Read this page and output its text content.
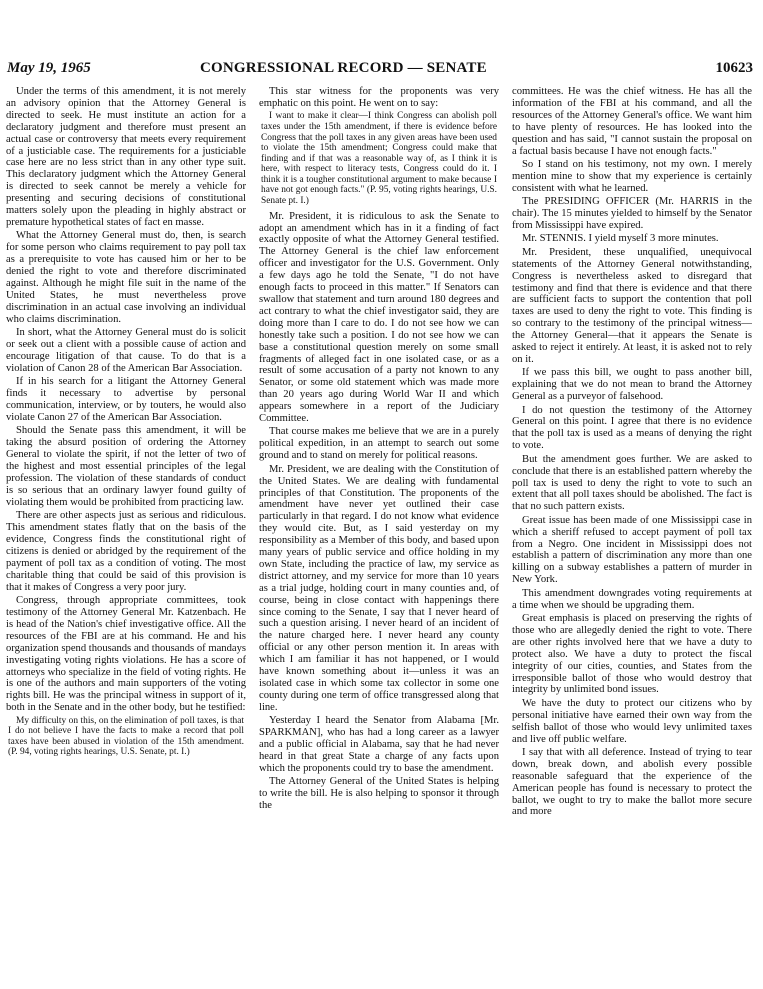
May 19, 1965	CONGRESSIONAL RECORD — SENATE	10623

Under the terms of this amendment, it is not merely an advisory opinion that the Attorney General is directed to seek. He must institute an action for a declaratory judgment and therefore must present an actual case or controversy that meets every requirement of a justiciable case. The requirements for a justiciable case here are no less strict than in any other type suit. This declaratory judgment which the Attorney General is directed to seek cannot be merely a vehicle for presenting and securing decisions of constitutional matters solely upon the pleading in highly abstract or premature hypothetical states of fact en masse.

What the Attorney General must do, then, is search for some person who claims requirement to pay poll tax as a prerequisite to vote has caused him or her to be denied the right to vote and therefore discriminated against. Although he might file suit in the name of the United States, he must nevertheless prove discrimination in an actual case involving an individual who claims discrimination.

In short, what the Attorney General must do is solicit or seek out a client with a possible cause of action and encourage litigation of that cause. To do that is a violation of Canon 28 of the American Bar Association.

If in his search for a litigant the Attorney General finds it necessary to advertise by personal communication, interview, or by touters, he would also violate Canon 27 of the American Bar Association.

Should the Senate pass this amendment, it will be taking the absurd position of ordering the Attorney General to violate the spirit, if not the letter of two of the highest and most essential principles of the legal profession. The violation of these standards of conduct is so serious that an ordinary lawyer found guilty of violating them would be prohibited from practicing law.

There are other aspects just as serious and ridiculous. This amendment states flatly that on the basis of the evidence, Congress finds the constitutional right of citizens is denied or abridged by the requirement of the payment of poll tax as a condition of voting. The most charitable thing that could be said of this provision is that it makes of Congress a very poor jury.

Congress, through appropriate committees, took testimony of the Attorney General Mr. Katzenbach. He is head of the Nation's chief investigative office. All the resources of the FBI are at his command. He and his organization spend thousands and thousands of mandays investigating voting rights violations. He has a score of attorneys who specialize in the field of voting rights. He is one of the authors and main supporters of the voting rights bill. He was the principal witness in support of it, both in the Senate and in the other body, but he testified:

My difficulty on this, on the elimination of poll taxes, is that I do not believe I have the facts to make a record that poll taxes have been abused in violation of the 15th amendment. (P. 94, voting rights hearings, U.S. Senate, pt. I.)

This star witness for the proponents was very emphatic on this point. He went on to say:

I want to make it clear—I think Congress can abolish poll taxes under the 15th amendment, if there is evidence before Congress that the poll taxes in any given areas have been used to violate the 15th amendment; Congress could make that finding and if that was a reasonable way of, as I think it is here, with respect to literacy tests, Congress could do it. I think it is a tougher constitutional argument to make because I have not got enough facts." (P. 95, voting rights hearings, U.S. Senate pt. I.)

Mr. President, it is ridiculous to ask the Senate to adopt an amendment which has in it a finding of fact exactly opposite of what the Attorney General testified. The Attorney General is the chief law enforcement officer and investigator for the U.S. Government. Only a few days ago he told the Senate, "I do not have enough facts to proceed in this matter." If Senators can swallow that statement and turn around 180 degrees and act contrary to what the chief investigator said, they are doing more than I care to do. I do not see how we can honestly take such a position. I do not see how we can base a constitutional question merely on some small fragments of alleged fact in one isolated case, or as a result of some accusation of a party not known to any Senator, or some old statement which was made more than 20 years ago during World War II and which appears somewhere in a report of the Judiciary Committee.

That course makes me believe that we are in a purely political expedition, in an attempt to search out some ground and to stand on merely for political reasons.

Mr. President, we are dealing with the Constitution of the United States. We are dealing with fundamental principles of that Constitution. The proponents of the amendment have never yet outlined their case particularly in that regard. I do not know what evidence they would cite. But, as I said yesterday on my responsibility as a Member of this body, and based upon many years of public service and office holding in my own State, including the practice of law, my service as district attorney, and my service for more than 10 years as a trial judge, holding court in many counties and, of course, being in close contact with happenings there since coming to the Senate, I say that I never heard of such a question arising. I never heard of an incident of the nature charged here. I never heard any county official or any other person mention it. In areas with which I am familiar it has not happened, or I would have known something about it—unless it was an isolated case in which some tax collector in some one county during one term of office transgressed along that line.

Yesterday I heard the Senator from Alabama [Mr. SPARKMAN], who has had a long career as a lawyer and a public official in Alabama, say that he had never heard in that great State a charge of any facts upon which the proponents could try to base the amendment.

The Attorney General of the United States is helping to write the bill. He is also helping to sponsor it through the

committees. He was the chief witness. He has all the information of the FBI at his command, and all the resources of the Attorney General's office. We want him to have plenty of resources. He has looked into the question and has said, "I cannot sustain the proposal on a factual basis because I have not enough facts."

So I stand on his testimony, not my own. I merely mention mine to show that my experience is certainly consistent with what he learned.

The PRESIDING OFFICER (Mr. HARRIS in the chair). The 15 minutes yielded to himself by the Senator from Mississippi have expired.

Mr. STENNIS. I yield myself 3 more minutes.

Mr. President, these unqualified, unequivocal statements of the Attorney General notwithstanding, Congress is nevertheless asked to disregard that testimony and find that there is evidence and that there are sufficient facts to support the contention that poll taxes are used to deny the right to vote. This finding is so contrary to the testimony of the principal witness—the Attorney General—that it appears the Senate is asked to reject it entirely. At least, it is asked not to rely on it.

If we pass this bill, we ought to pass another bill, explaining that we do not mean to brand the Attorney General as a purveyor of falsehood.

I do not question the testimony of the Attorney General on this point. I agree that there is no evidence that the poll tax is used as a means of denying the right to vote.

But the amendment goes further. We are asked to conclude that there is an established pattern whereby the poll tax is used to deny the right to vote to such an extent that all poll taxes should be abolished. The fact is that no such pattern exists.

Great issue has been made of one Mississippi case in which a sheriff refused to accept payment of poll tax from a Negro. One incident in Mississippi does not establish a pattern of discrimination any more than one killing on a subway establishes a pattern of murder in New York.

This amendment downgrades voting requirements at a time when we should be upgrading them.

Great emphasis is placed on preserving the rights of those who are allegedly denied the right to vote. There are other rights involved here that we have a duty to protect also. We have a duty to protect the fiscal integrity of our cities, counties, and States from the irresponsible ballot of those who would destroy that integrity by unlimited bond issues.

We have the duty to protect our citizens who by personal initiative have earned their own way from the selfish ballot of those who would levy unlimited taxes and live off public welfare.

I say that with all deference. Instead of trying to tear down, break down, and abolish every possible reasonable safeguard that the experience of the American people has found is necessary to protect the ballot, we ought to try to make the ballot more secure and more
